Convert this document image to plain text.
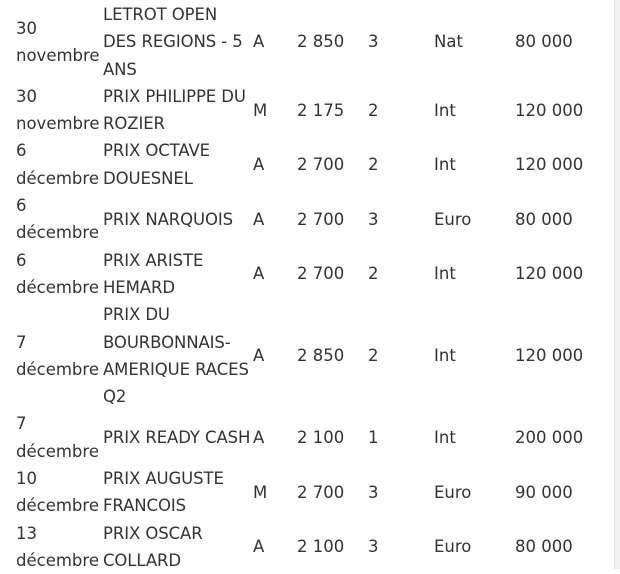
30 novembre	LETROT OPEN DES REGIONS - 5 ANS	A	2 850	3	Nat	80 000
30 novembre	PRIX PHILIPPE DU ROZIER	M	2 175	2	Int	120 000
6 décembre	PRIX OCTAVE DOUESNEL	A	2 700	2	Int	120 000
6 décembre	PRIX NARQUOIS	A	2 700	3	Euro	80 000
6 décembre	PRIX ARISTE HEMARD	A	2 700	2	Int	120 000
7 décembre	PRIX DU BOURBONNAIS-AMERIQUE RACES Q2	A	2 850	2	Int	120 000
7 décembre	PRIX READY CASH	A	2 100	1	Int	200 000
10 décembre	PRIX AUGUSTE FRANCOIS	M	2 700	3	Euro	90 000
13 décembre	PRIX OSCAR COLLARD	A	2 100	3	Euro	80 000
